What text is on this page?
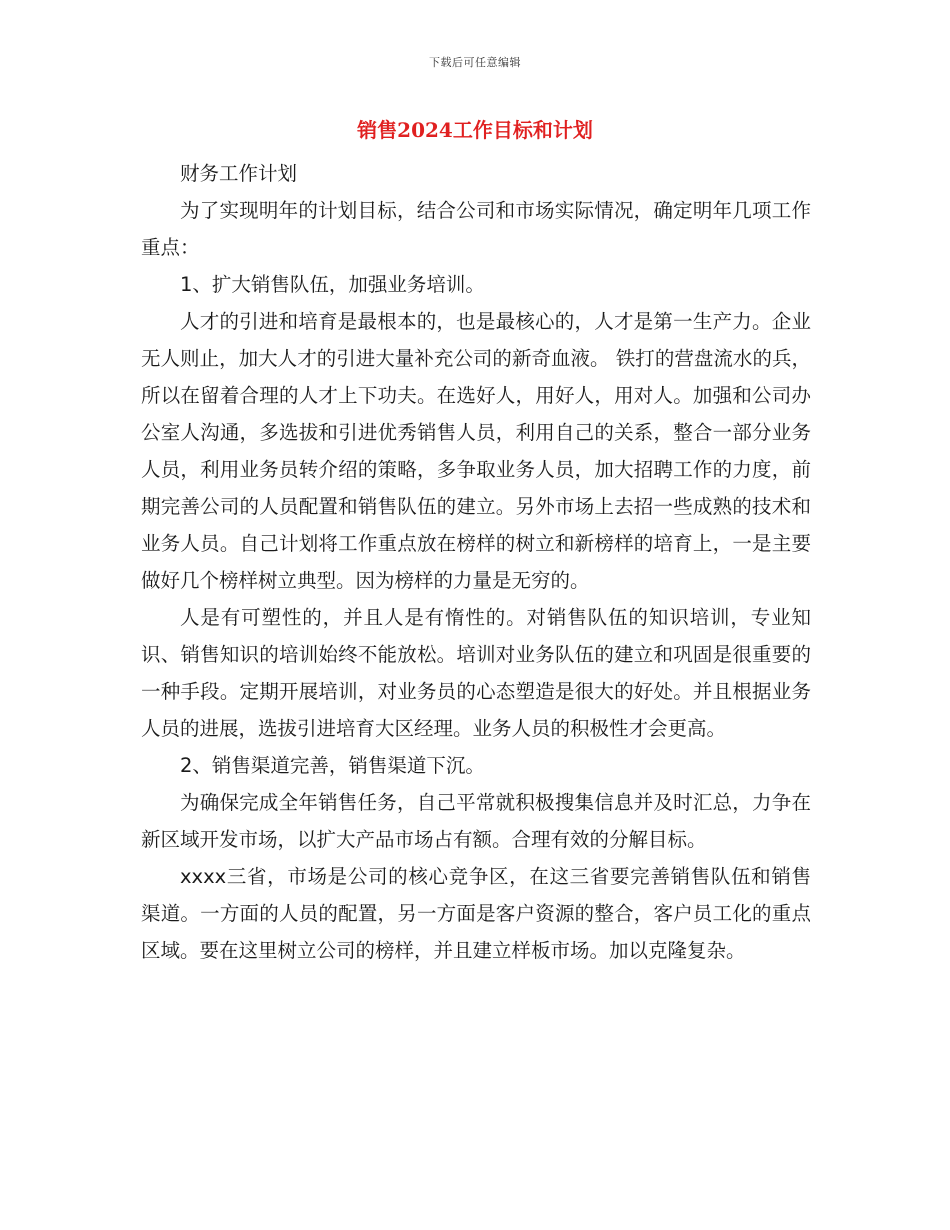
下载后可任意编辑
销售2024工作目标和计划

财务工作计划

为了实现明年的计划目标，结合公司和市场实际情况，确定明年几项工作重点：

1、扩大销售队伍，加强业务培训。

人才的引进和培育是最根本的，也是最核心的，人才是第一生产力。企业无人则止，加大人才的引进大量补充公司的新奇血液。 铁打的营盘流水的兵，所以在留着合理的人才上下功夫。在选好人，用好人，用对人。加强和公司办公室人沟通，多选拔和引进优秀销售人员，利用自己的关系，整合一部分业务人员，利用业务员转介绍的策略，多争取业务人员，加大招聘工作的力度，前期完善公司的人员配置和销售队伍的建立。另外市场上去招一些成熟的技术和业务人员。自己计划将工作重点放在榜样的树立和新榜样的培育上，一是主要做好几个榜样树立典型。因为榜样的力量是无穷的。

人是有可塑性的，并且人是有惰性的。对销售队伍的知识培训，专业知识、销售知识的培训始终不能放松。培训对业务队伍的建立和巩固是很重要的一种手段。定期开展培训，对业务员的心态塑造是很大的好处。并且根据业务人员的进展，选拔引进培育大区经理。业务人员的积极性才会更高。

2、销售渠道完善，销售渠道下沉。

为确保完成全年销售任务，自己平常就积极搜集信息并及时汇总，力争在新区域开发市场，以扩大产品市场占有额。合理有效的分解目标。

xxxx三省，市场是公司的核心竞争区，在这三省要完善销售队伍和销售渠道。一方面的人员的配置，另一方面是客户资源的整合，客户员工化的重点区域。要在这里树立公司的榜样，并且建立样板市场。加以克隆复杂。
